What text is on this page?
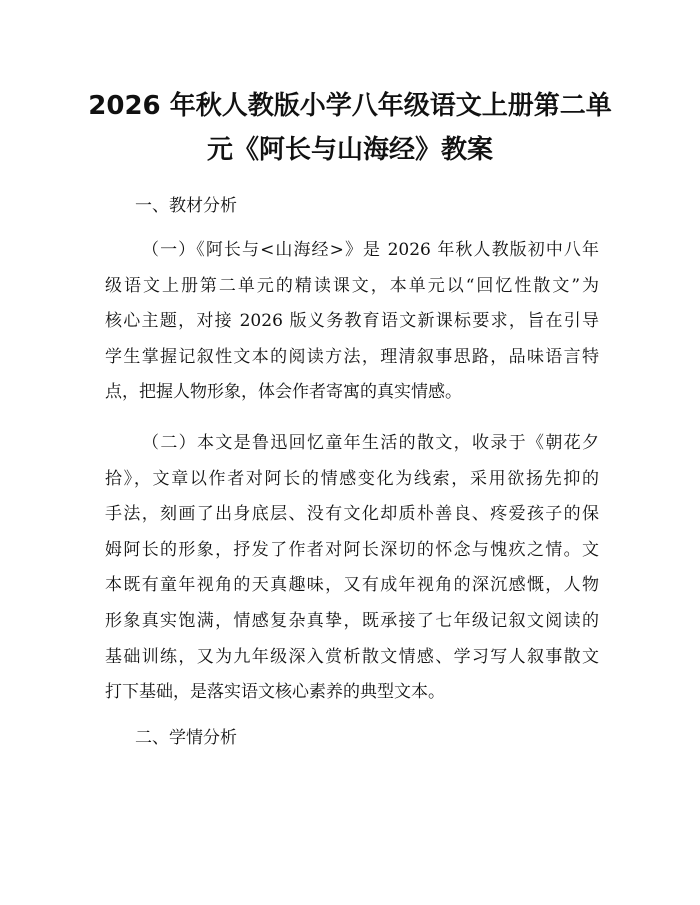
2026 年秋人教版小学八年级语文上册第二单
元《阿长与山海经》教案
一、教材分析
（一）《阿长与<山海经>》是 2026 年秋人教版初中八年
级语文上册第二单元的精读课文，本单元以“回忆性散文”为
核心主题，对接 2026 版义务教育语文新课标要求，旨在引导
学生掌握记叙性文本的阅读方法，理清叙事思路，品味语言特
点，把握人物形象，体会作者寄寓的真实情感。
（二）本文是鲁迅回忆童年生活的散文，收录于《朝花夕
拾》，文章以作者对阿长的情感变化为线索，采用欲扬先抑的
手法，刻画了出身底层、没有文化却质朴善良、疼爱孩子的保
姆阿长的形象，抒发了作者对阿长深切的怀念与愧疚之情。文
本既有童年视角的天真趣味，又有成年视角的深沉感慨，人物
形象真实饱满，情感复杂真挚，既承接了七年级记叙文阅读的
基础训练，又为九年级深入赏析散文情感、学习写人叙事散文
打下基础，是落实语文核心素养的典型文本。
二、学情分析
